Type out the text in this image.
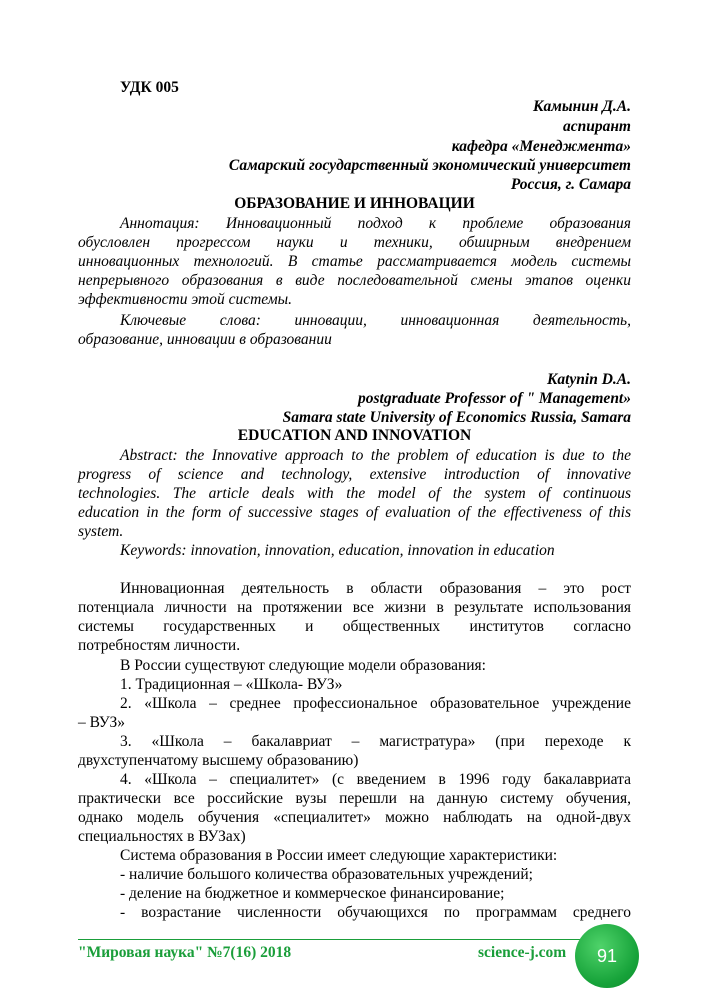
УДК 005
Камынин Д.А.
аспирант
кафедра «Менеджмента»
Самарский государственный экономический университет
Россия, г. Самара
ОБРАЗОВАНИЕ И ИННОВАЦИИ
Аннотация: Инновационный подход к проблеме образования
обусловлен прогрессом науки и техники, обширным внедрением
инновационных технологий. В статье рассматривается модель системы
непрерывного образования в виде последовательной смены этапов оценки
эффективности этой системы.
Ключевые слова: инновации, инновационная деятельность,
образование, инновации в образовании
Katynin D.A.
postgraduate Professor of " Management»
Samara state University of Economics Russia, Samara
EDUCATION AND INNOVATION
Abstract: the Innovative approach to the problem of education is due to the
progress of science and technology, extensive introduction of innovative
technologies. The article deals with the model of the system of continuous
education in the form of successive stages of evaluation of the effectiveness of this
system.
Keywords: innovation, innovation, education, innovation in education
Инновационная деятельность в области образования – это рост
потенциала личности на протяжении все жизни в результате использования
системы государственных и общественных институтов согласно
потребностям личности.
В России существуют следующие модели образования:
1. Традиционная – «Школа- ВУЗ»
2. «Школа – среднее профессиональное образовательное учреждение
– ВУЗ»
3. «Школа – бакалавриат – магистратура» (при переходе к
двухступенчатому высшему образованию)
4. «Школа – специалитет» (с введением в 1996 году бакалавриата
практически все российские вузы перешли на данную систему обучения,
однако модель обучения «специалитет» можно наблюдать на одной-двух
специальностях в ВУЗах)
Система образования в России имеет следующие характеристики:
- наличие большого количества образовательных учреждений;
- деление на бюджетное и коммерческое финансирование;
- возрастание численности обучающихся по программам среднего
"Мировая наука" №7(16) 2018	science-j.com 91
